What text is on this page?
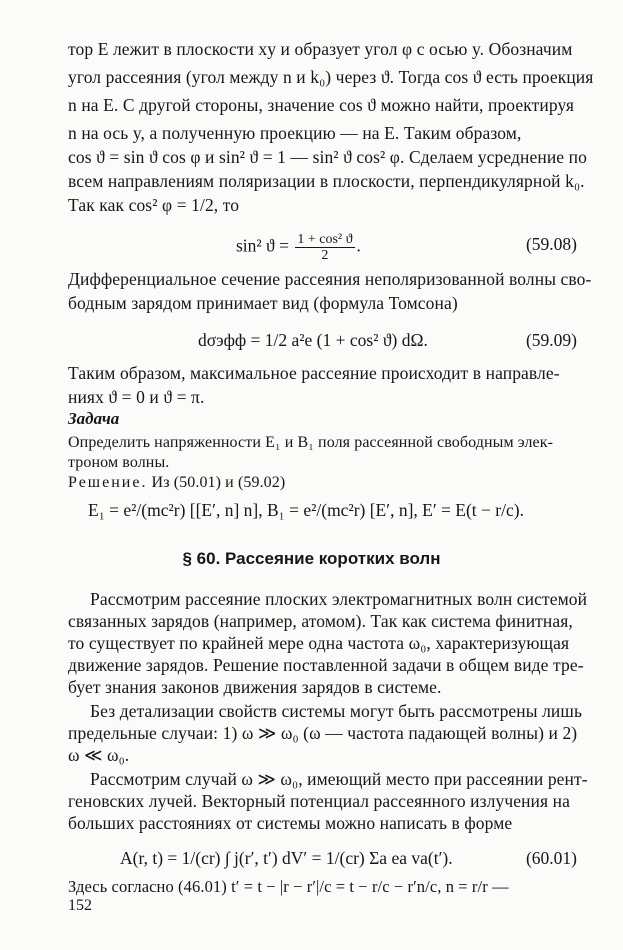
тор E лежит в плоскости xy и образует угол φ с осью y. Обозначим
угол рассеяния (угол между n и k₀) через ϑ. Тогда cos ϑ есть проекция
n на E. С другой стороны, значение cos ϑ можно найти, проектируя
n на ось y, а полученную проекцию — на E. Таким образом,
cos ϑ = sin ϑ cos φ и sin² ϑ = 1 — sin² ϑ cos² φ. Сделаем усреднение по
всем направлениям поляризации в плоскости, перпендикулярной k₀.
Так как cos² φ = 1/2, то
sin² $ϑ = \frac{\text{1 + cos² ϑ}}{2}$ .	(59.08)
Дифференциальное сечение рассеяния неполяризованной волны сво-
бодным зарядом принимает вид (формула Томсона)
dσэфф = 1/2 a²e (1 + cos² ϑ) dΩ.	(59.09)
Таким образом, максимальное рассеяние происходит в направле-
ниях ϑ = 0 и ϑ = π.
Задача
Определить напряженности E₁ и B₁ поля рассеянной свободным элек-
троном волны.
Решение. Из (50.01) и (59.02)
E₁ = e²/(mc²r) [[E′, n] n], B₁ = e²/(mc²r) [E′, n], E′ = E(t − r/c).
§ 60. Рассеяние коротких волн
Рассмотрим рассеяние плоских электромагнитных волн системой
связанных зарядов (например, атомом). Так как система финитная,
то существует по крайней мере одна частота ω₀, характеризующая
движение зарядов. Решение поставленной задачи в общем виде тре-
бует знания законов движения зарядов в системе.
Без детализации свойств системы могут быть рассмотрены лишь
предельные случаи: 1) ω ≫ ω₀ (ω — частота падающей волны) и 2)
ω ≪ ω₀.
Рассмотрим случай ω ≫ ω₀, имеющий место при рассеянии рент-
геновских лучей. Векторный потенциал рассеянного излучения на
больших расстояниях от системы можно написать в форме
A(r, t) = 1/(cr) ∫ j(r′, t′) dV′ = 1/(cr) Σa ea va(t′).	(60.01)
Здесь согласно (46.01) t′ = t − |r − r′|/c = t − r/c − r′n/c, n = r/r —
152
